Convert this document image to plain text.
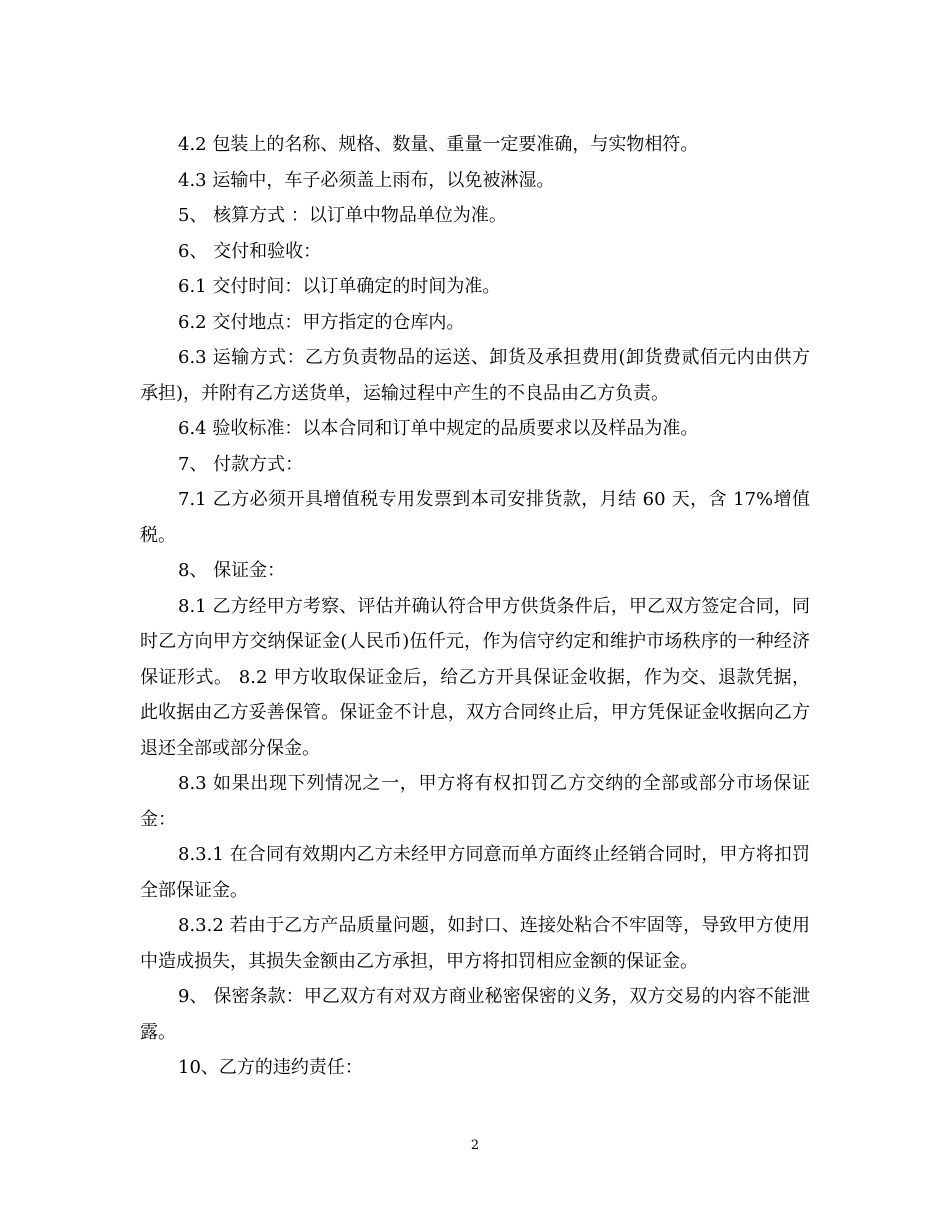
4.2 包装上的名称、规格、数量、重量一定要准确，与实物相符。

4.3 运输中，车子必须盖上雨布，以免被淋湿。

5、 核算方式 ：以订单中物品单位为准。

6、 交付和验收：

6.1 交付时间：以订单确定的时间为准。

6.2 交付地点：甲方指定的仓库内。

6.3 运输方式：乙方负责物品的运送、卸货及承担费用(卸货费贰佰元内由供方承担)，并附有乙方送货单，运输过程中产生的不良品由乙方负责。

6.4 验收标准：以本合同和订单中规定的品质要求以及样品为准。

7、 付款方式：

7.1 乙方必须开具增值税专用发票到本司安排货款，月结 60 天，含 17%增值税。

8、 保证金：

8.1 乙方经甲方考察、评估并确认符合甲方供货条件后，甲乙双方签定合同，同时乙方向甲方交纳保证金(人民币)伍仟元，作为信守约定和维护市场秩序的一种经济保证形式。 8.2 甲方收取保证金后，给乙方开具保证金收据，作为交、退款凭据，此收据由乙方妥善保管。保证金不计息，双方合同终止后，甲方凭保证金收据向乙方退还全部或部分保金。

8.3 如果出现下列情况之一，甲方将有权扣罚乙方交纳的全部或部分市场保证金：

8.3.1 在合同有效期内乙方未经甲方同意而单方面终止经销合同时，甲方将扣罚全部保证金。

8.3.2 若由于乙方产品质量问题，如封口、连接处粘合不牢固等，导致甲方使用中造成损失，其损失金额由乙方承担，甲方将扣罚相应金额的保证金。

9、 保密条款：甲乙双方有对双方商业秘密保密的义务，双方交易的内容不能泄露。

10、乙方的违约责任：

2
